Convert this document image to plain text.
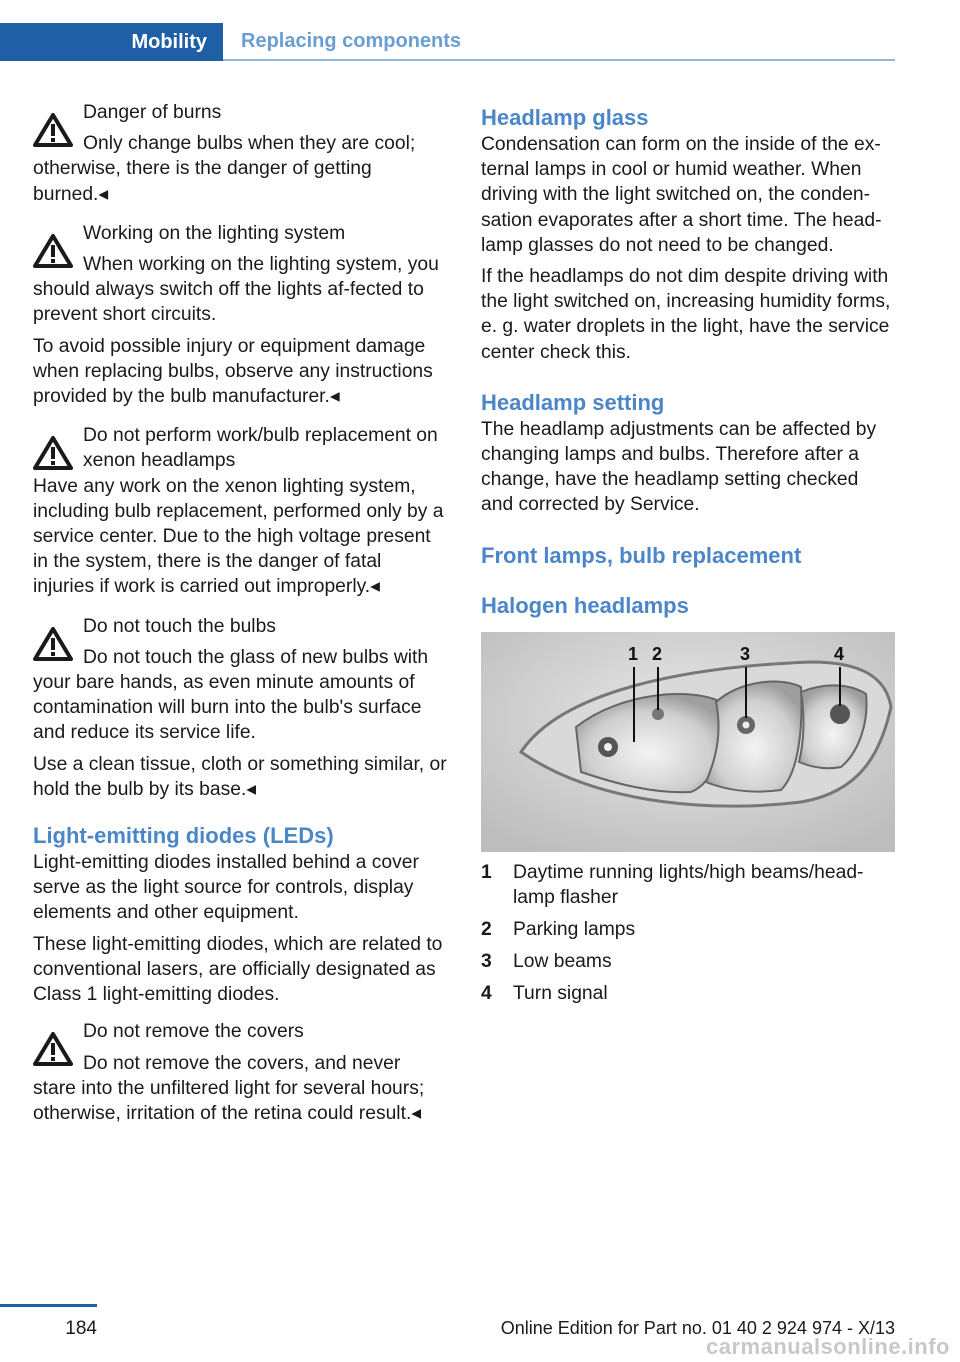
Mobility	Replacing components

Danger of burns

Only change bulbs when they are cool; otherwise, there is the danger of getting burned.◂

Working on the lighting system

When working on the lighting system, you should always switch off the lights af-fected to prevent short circuits.

To avoid possible injury or equipment damage when replacing bulbs, observe any instructions provided by the bulb manufacturer.◂

Do not perform work/bulb replacement on xenon headlamps

Have any work on the xenon lighting system, including bulb replacement, performed only by a service center. Due to the high voltage present in the system, there is the danger of fatal injuries if work is carried out improperly.◂

Do not touch the bulbs

Do not touch the glass of new bulbs with your bare hands, as even minute amounts of contamination will burn into the bulb's surface and reduce its service life.

Use a clean tissue, cloth or something similar, or hold the bulb by its base.◂

Light-emitting diodes (LEDs)

Light-emitting diodes installed behind a cover serve as the light source for controls, display elements and other equipment.

These light-emitting diodes, which are related to conventional lasers, are officially designated as Class 1 light-emitting diodes.

Do not remove the covers

Do not remove the covers, and never stare into the unfiltered light for several hours; otherwise, irritation of the retina could result.◂

Headlamp glass

Condensation can form on the inside of the ex-ternal lamps in cool or humid weather. When driving with the light switched on, the conden-sation evaporates after a short time. The head-lamp glasses do not need to be changed.

If the headlamps do not dim despite driving with the light switched on, increasing humidity forms, e. g. water droplets in the light, have the service center check this.

Headlamp setting

The headlamp adjustments can be affected by changing lamps and bulbs. Therefore after a change, have the headlamp setting checked and corrected by Service.

Front lamps, bulb replacement
Halogen headlamps
1 2	3	4
1	Daytime running lights/high beams/head-lamp flasher
2	Parking lamps
3	Low beams
4	Turn signal
184	Online Edition for Part no. 01 40 2 924 974 - X/13
carmanualsonline.info
